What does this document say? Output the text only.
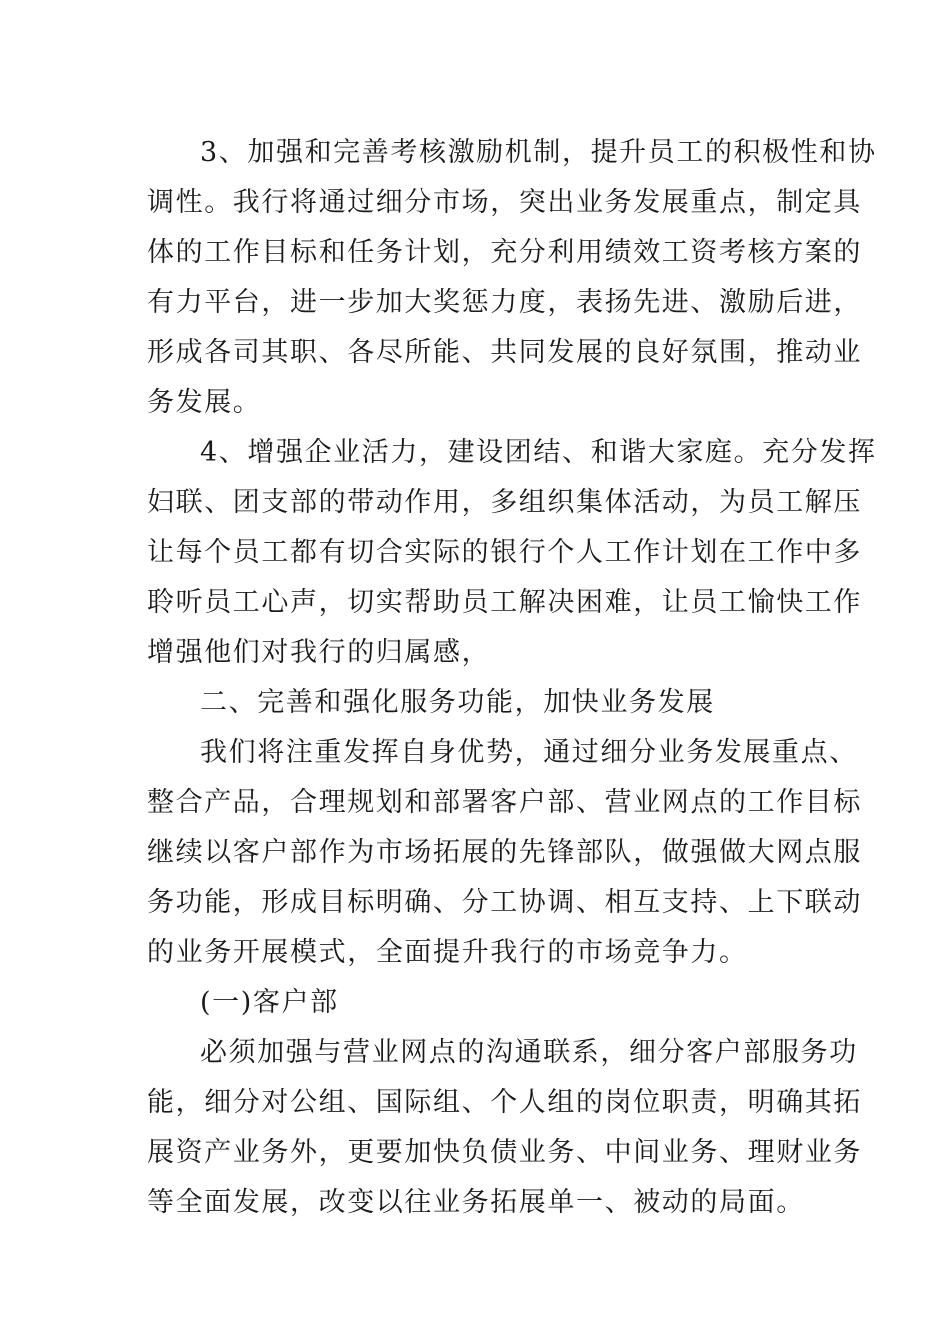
3、加强和完善考核激励机制，提升员工的积极性和协
调性。我行将通过细分市场，突出业务发展重点，制定具
体的工作目标和任务计划，充分利用绩效工资考核方案的
有力平台，进一步加大奖惩力度，表扬先进、激励后进，
形成各司其职、各尽所能、共同发展的良好氛围，推动业
务发展。
4、增强企业活力，建设团结、和谐大家庭。充分发挥
妇联、团支部的带动作用，多组织集体活动，为员工解压
让每个员工都有切合实际的银行个人工作计划在工作中多
聆听员工心声，切实帮助员工解决困难，让员工愉快工作
增强他们对我行的归属感，
二、完善和强化服务功能，加快业务发展
我们将注重发挥自身优势，通过细分业务发展重点、
整合产品，合理规划和部署客户部、营业网点的工作目标
继续以客户部作为市场拓展的先锋部队，做强做大网点服
务功能，形成目标明确、分工协调、相互支持、上下联动
的业务开展模式，全面提升我行的市场竞争力。
(一)客户部
必须加强与营业网点的沟通联系，细分客户部服务功
能，细分对公组、国际组、个人组的岗位职责，明确其拓
展资产业务外，更要加快负债业务、中间业务、理财业务
等全面发展，改变以往业务拓展单一、被动的局面。
